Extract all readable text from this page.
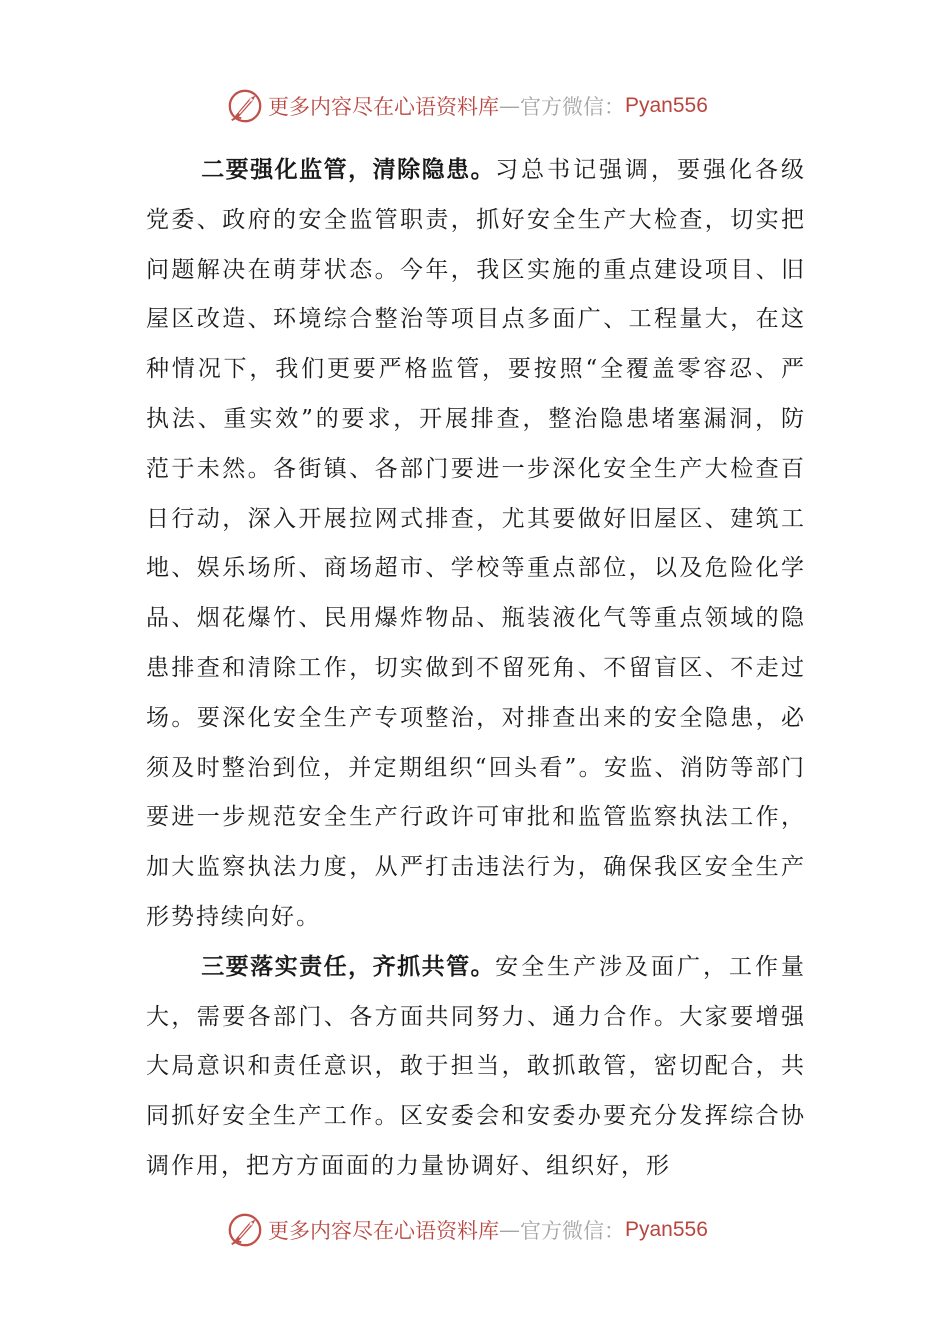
更多内容尽在心语资料库 — 官方微信： Pyan556

二要强化监管，清除隐患。习总书记强调，要强化各级党委、政府的安全监管职责，抓好安全生产大检查，切实把问题解决在萌芽状态。今年，我区实施的重点建设项目、旧屋区改造、环境综合整治等项目点多面广、工程量大，在这种情况下，我们更要严格监管，要按照“全覆盖零容忍、严执法、重实效”的要求，开展排查，整治隐患堵塞漏洞，防范于未然。各街镇、各部门要进一步深化安全生产大检查百日行动，深入开展拉网式排查，尤其要做好旧屋区、建筑工地、娱乐场所、商场超市、学校等重点部位，以及危险化学品、烟花爆竹、民用爆炸物品、瓶装液化气等重点领域的隐患排查和清除工作，切实做到不留死角、不留盲区、不走过场。要深化安全生产专项整治，对排查出来的安全隐患，必须及时整治到位，并定期组织“回头看”。安监、消防等部门要进一步规范安全生产行政许可审批和监管监察执法工作，加大监察执法力度，从严打击违法行为，确保我区安全生产形势持续向好。

三要落实责任，齐抓共管。安全生产涉及面广，工作量大，需要各部门、各方面共同努力、通力合作。大家要增强大局意识和责任意识，敢于担当，敢抓敢管，密切配合，共同抓好安全生产工作。区安委会和安委办要充分发挥综合协调作用，把方方面面的力量协调好、组织好，形

更多内容尽在心语资料库 — 官方微信： Pyan556
